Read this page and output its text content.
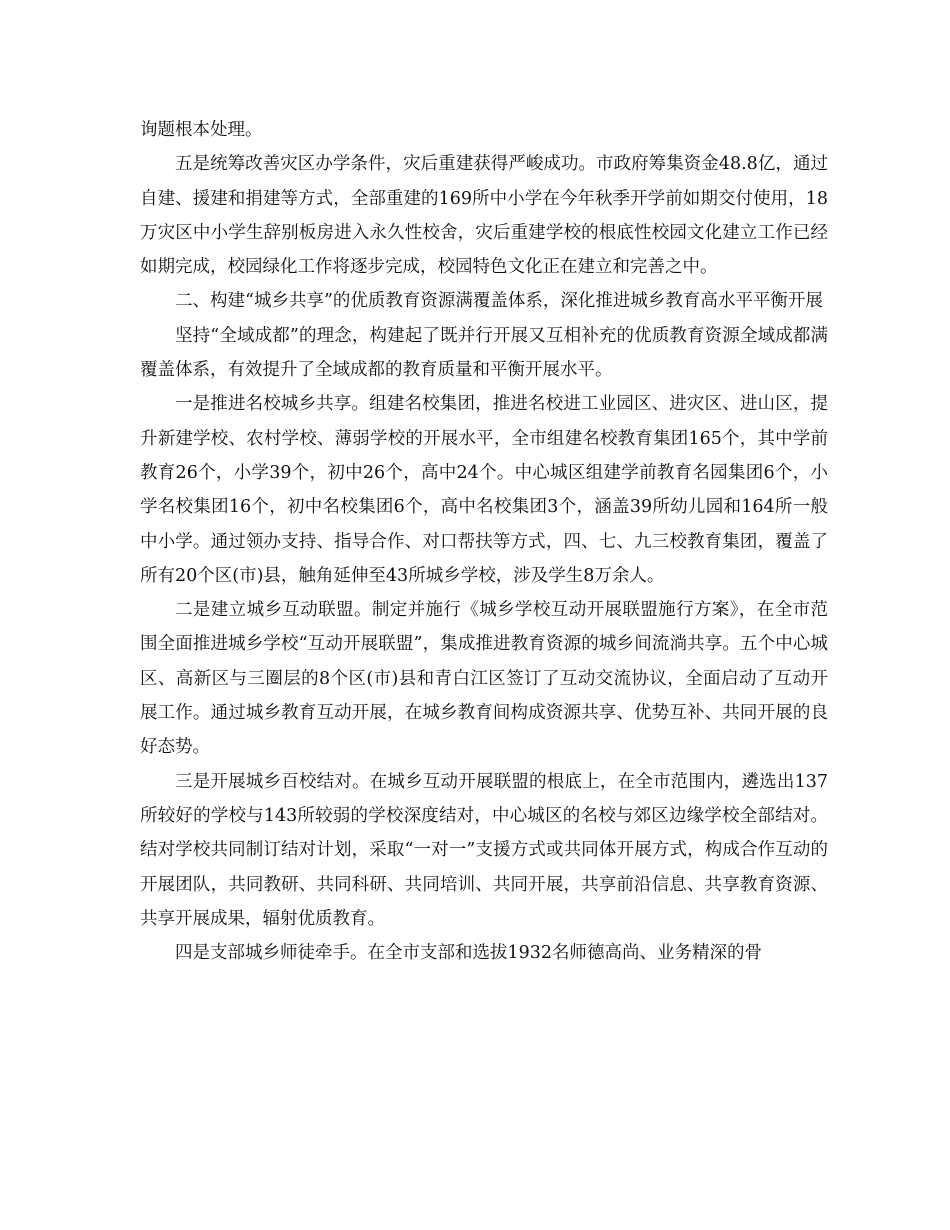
询题根本处理。

五是统筹改善灾区办学条件，灾后重建获得严峻成功。市政府筹集资金48.8亿，通过自建、援建和捐建等方式，全部重建的169所中小学在今年秋季开学前如期交付使用，18万灾区中小学生辞别板房进入永久性校舍，灾后重建学校的根底性校园文化建立工作已经如期完成，校园绿化工作将逐步完成，校园特色文化正在建立和完善之中。

二、构建“城乡共享”的优质教育资源满覆盖体系，深化推进城乡教育高水平平衡开展

坚持“全域成都”的理念，构建起了既并行开展又互相补充的优质教育资源全域成都满覆盖体系，有效提升了全域成都的教育质量和平衡开展水平。

一是推进名校城乡共享。组建名校集团，推进名校进工业园区、进灾区、进山区，提升新建学校、农村学校、薄弱学校的开展水平，全市组建名校教育集团165个，其中学前教育26个，小学39个，初中26个，高中24个。中心城区组建学前教育名园集团6个，小学名校集团16个，初中名校集团6个，高中名校集团3个，涵盖39所幼儿园和164所一般中小学。通过领办支持、指导合作、对口帮扶等方式，四、七、九三校教育集团，覆盖了所有20个区(市)县，触角延伸至43所城乡学校，涉及学生8万余人。

二是建立城乡互动联盟。制定并施行《城乡学校互动开展联盟施行方案》，在全市范围全面推进城乡学校“互动开展联盟”，集成推进教育资源的城乡间流淌共享。五个中心城区、高新区与三圈层的8个区(市)县和青白江区签订了互动交流协议，全面启动了互动开展工作。通过城乡教育互动开展，在城乡教育间构成资源共享、优势互补、共同开展的良好态势。

三是开展城乡百校结对。在城乡互动开展联盟的根底上，在全市范围内，遴选出137所较好的学校与143所较弱的学校深度结对，中心城区的名校与郊区边缘学校全部结对。结对学校共同制订结对计划，采取“一对一”支援方式或共同体开展方式，构成合作互动的开展团队，共同教研、共同科研、共同培训、共同开展，共享前沿信息、共享教育资源、共享开展成果，辐射优质教育。

四是支部城乡师徒牵手。在全市支部和选拔1932名师德高尚、业务精深的骨
